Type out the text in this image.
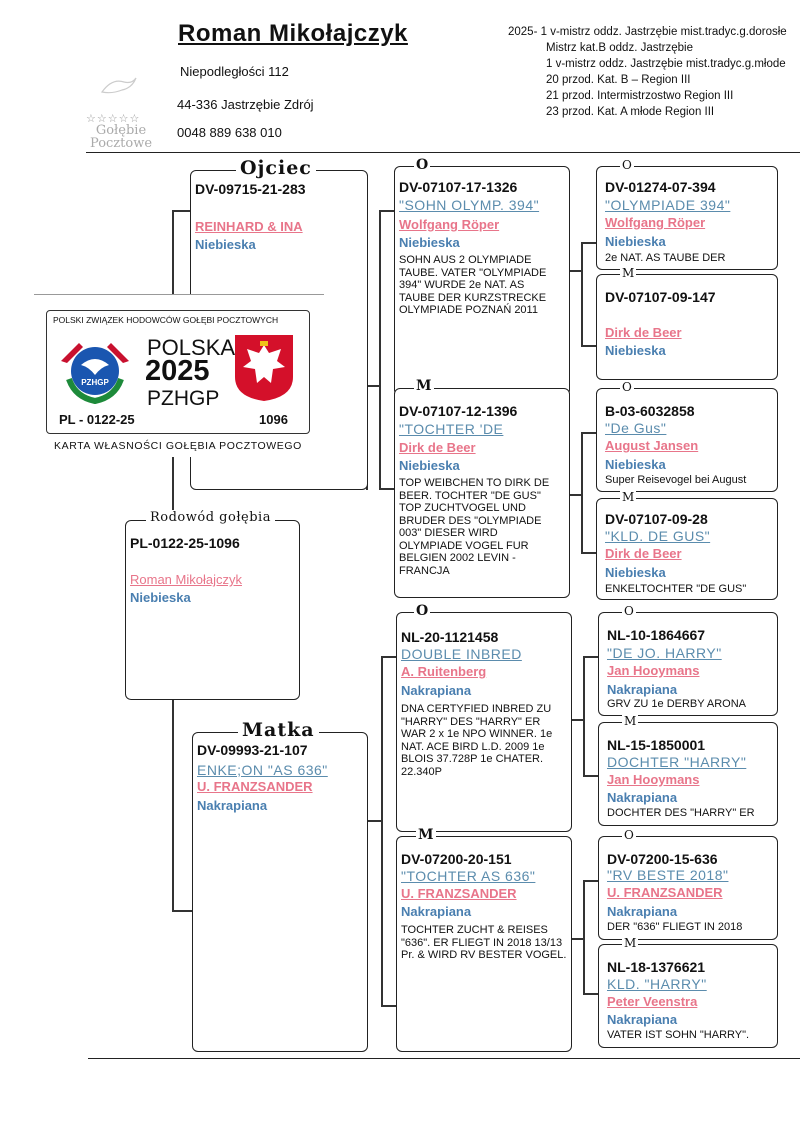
Roman Mikołajczyk
Niepodległości 112
44-336 Jastrzębie Zdrój
0048 889 638 010
☆☆☆☆☆
Gołębie
Pocztowe
2025- 1 v-mistrz oddz. Jastrzębie mist.tradyc.g.dorosłe
Mistrz kat.B oddz. Jastrzębie
1 v-mistrz oddz. Jastrzębie mist.tradyc.g.młode
20 przod. Kat. B – Region III
21 przod. Intermistrzostwo Region III
23 przod. Kat. A młode Region III
DV-09715-21-283
REINHARD & INA
Niebieska
Ojciec
POLSKI ZWIĄZEK HODOWCÓW GOŁĘBI POCZTOWYCH
PZHGP
POLSKA
2025
PZHGP
PL - 0122-25	1096
KARTA WŁASNOŚCI GOŁĘBIA POCZTOWEGO
PL-0122-25-1096
Roman Mikołajczyk
Niebieska
Rodowód gołębia
DV-09993-21-107
ENKE;ON "AS 636"
U. FRANZSANDER
Nakrapiana
Matka
DV-07107-17-1326
"SOHN OLYMP. 394"
Wolfgang Röper
Niebieska
SOHN AUS 2 OLYMPIADE TAUBE. VATER "OLYMPIADE 394" WURDE 2e NAT. AS TAUBE DER KURZSTRECKE OLYMPIADE POZNAŃ 2011
O
DV-07107-12-1396
"TOCHTER 'DE
Dirk de Beer
Niebieska
TOP WEIBCHEN TO DIRK DE BEER. TOCHTER "DE GUS" TOP ZUCHTVOGEL UND BRUDER DES "OLYMPIADE 003" DIESER WIRD OLYMPIADE VOGEL FUR BELGIEN 2002 LEVIN - FRANCJA
M
NL-20-1121458
DOUBLE INBRED
A. Ruitenberg
Nakrapiana
DNA CERTYFIED INBRED ZU "HARRY" DES "HARRY" ER WAR 2 x 1e NPO WINNER. 1e NAT. ACE BIRD L.D. 2009 1e BLOIS 37.728P 1e CHATER. 22.340P
O
DV-07200-20-151
"TOCHTER AS 636"
U. FRANZSANDER
Nakrapiana
TOCHTER ZUCHT & REISES "636". ER FLIEGT IN 2018 13/13 Pr. & WIRD RV BESTER VOGEL.
M
DV-01274-07-394
"OLYMPIADE 394"
Wolfgang Röper
Niebieska
2e NAT. AS TAUBE DER
O
DV-07107-09-147
Dirk de Beer
Niebieska
M
B-03-6032858
"De Gus"
August Jansen
Niebieska
Super Reisevogel bei August
O
DV-07107-09-28
"KLD. DE GUS"
Dirk de Beer
Niebieska
ENKELTOCHTER "DE GUS"
M
NL-10-1864667
"DE JO. HARRY"
Jan Hooymans
Nakrapiana
GRV ZU 1e DERBY ARONA
O
NL-15-1850001
DOCHTER "HARRY"
Jan Hooymans
Nakrapiana
DOCHTER DES "HARRY" ER
M
DV-07200-15-636
"RV BESTE 2018"
U. FRANZSANDER
Nakrapiana
DER "636" FLIEGT IN 2018
O
NL-18-1376621
KLD. "HARRY"
Peter Veenstra
Nakrapiana
VATER IST SOHN "HARRY".
M
